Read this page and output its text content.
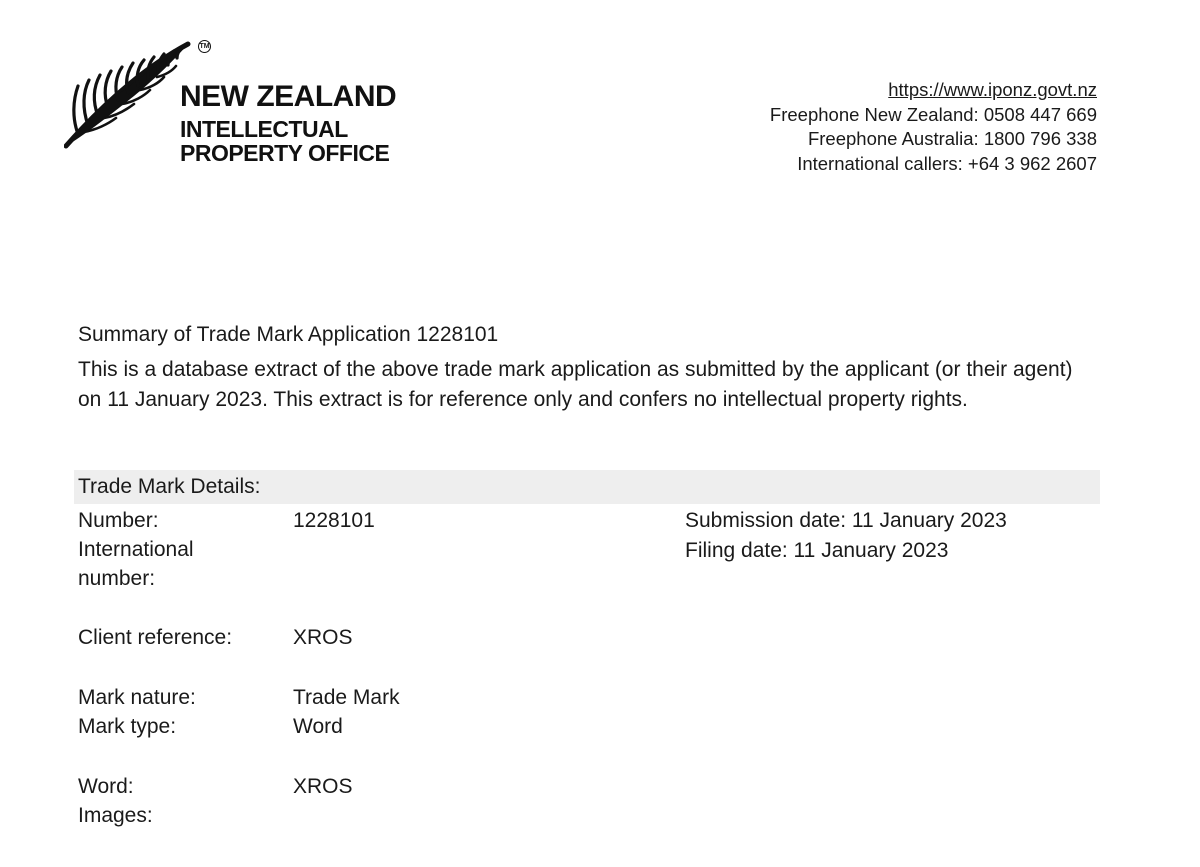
TM
NEW ZEALAND
INTELLECTUAL
PROPERTY OFFICE
https://www.iponz.govt.nz
Freephone New Zealand: 0508 447 669
Freephone Australia: 1800 796 338
International callers: +64 3 962 2607
Summary of Trade Mark Application 1228101
This is a database extract of the above trade mark application as submitted by the applicant (or their agent) on 11 January 2023. This extract is for reference only and confers no intellectual property rights.
Trade Mark Details:
Number:	1228101
International
number:
Submission date: 11 January 2023
Filing date: 11 January 2023
Client reference:	XROS
Mark nature:	Trade Mark
Mark type:	Word
Word:	XROS
Images:
